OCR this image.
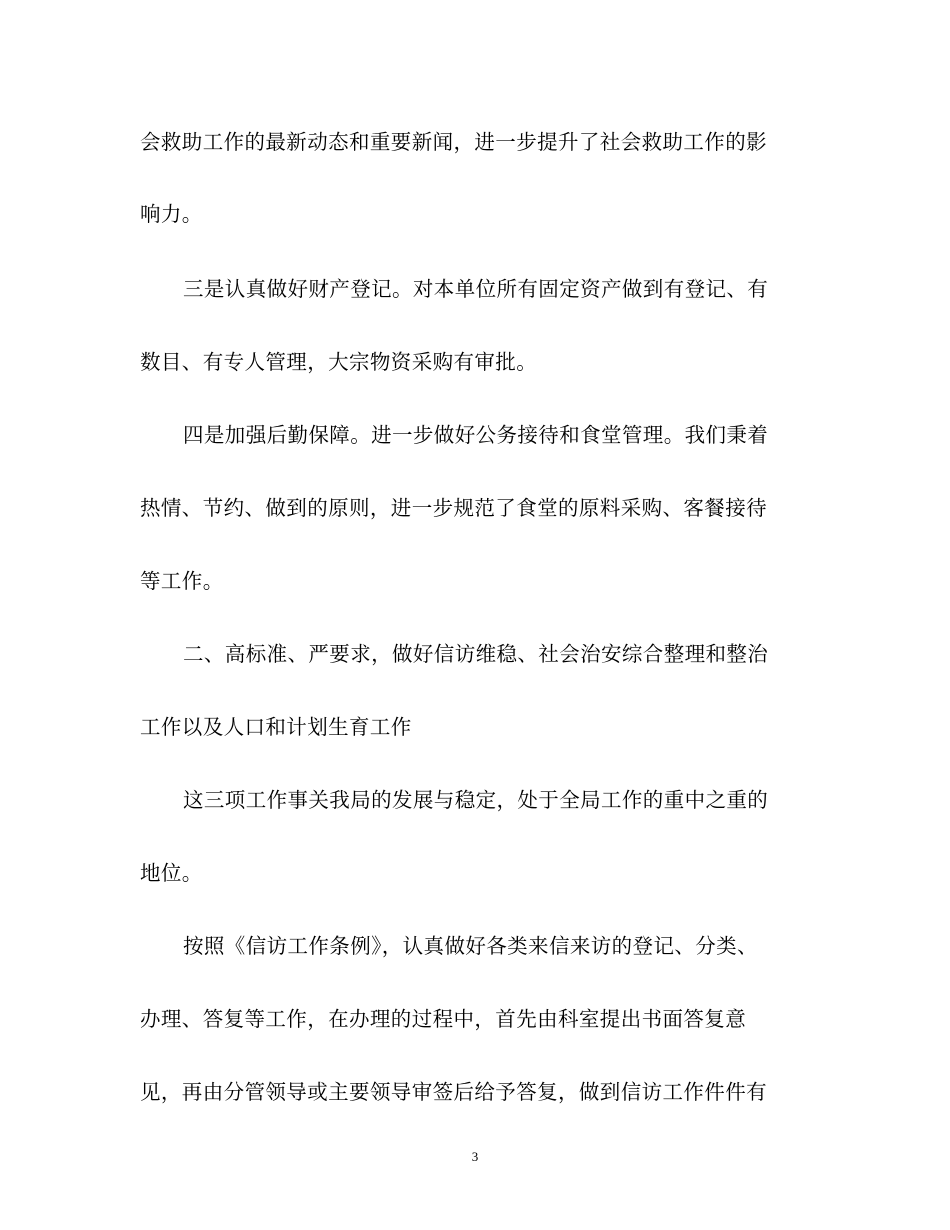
会救助工作的最新动态和重要新闻，进一步提升了社会救助工作的影
响力。
三是认真做好财产登记。对本单位所有固定资产做到有登记、有
数目、有专人管理，大宗物资采购有审批。
四是加强后勤保障。进一步做好公务接待和食堂管理。我们秉着
热情、节约、做到的原则，进一步规范了食堂的原料采购、客餐接待
等工作。
二、高标准、严要求，做好信访维稳、社会治安综合整理和整治
工作以及人口和计划生育工作
这三项工作事关我局的发展与稳定，处于全局工作的重中之重的
地位。
按照《信访工作条例》，认真做好各类来信来访的登记、分类、
办理、答复等工作，在办理的过程中，首先由科室提出书面答复意
见，再由分管领导或主要领导审签后给予答复，做到信访工作件件有
3
